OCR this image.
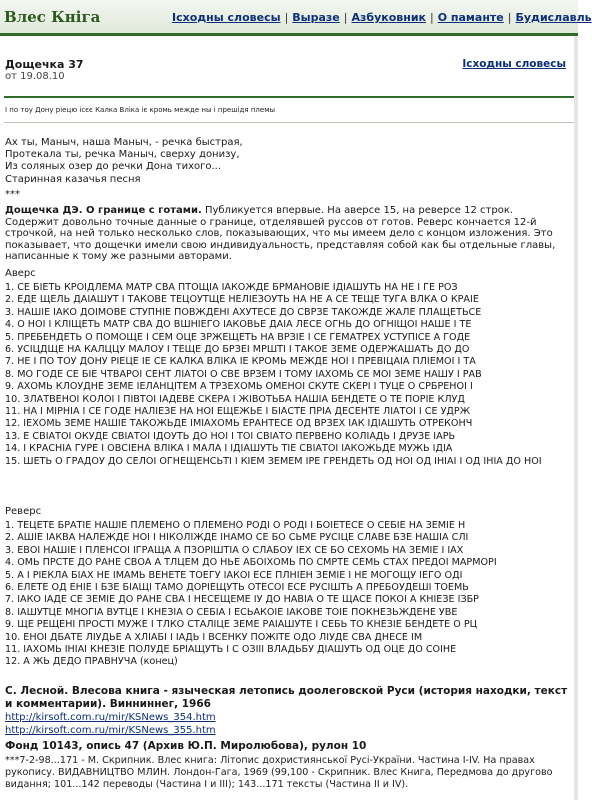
Влес Кніга	Ісходны словесы | Вырaзе | Азбуковник | О паманте | Будиславль
Дощечка 37
от 19.08.10
Ісходны словесы
І по тоу Дону ріецю ісєє Калка Вліка іє кромь межде ны і прешідя племы
Ах ты, Маныч, наша Маныч, - речка быстрая,
Протекала ты, речка Маныч, сверху донизу,
Из соляных озер до речки Дона тихого...
Старинная казачья песня
***
Дощечка ДЭ. О границе с готами. Публикуется впервые. На аверсе 15, на реверсе 12 строк. Содержит довольно точные данные о границе, отделявшей руссов от готов. Реверс кончается 12-й строчкой, на ней только несколько слов, показывающих, что мы имеем дело с концом изложения. Это показывает, что дощечки имели свою индивидуальность, представляя собой как бы отдельные главы, написанные к тому же разными авторами.
Аверс
1. СЕ БІЕТЬ КРОІДЛЕМА МАТР СВА ПТОЩІА ІАКОЖДЕ БРМАНОВІЕ ІДІАШУТЬ НА НЕ І ГЕ РОЗ
2. ЕДЕ ЩЕЛЬ ДАІАШУТ І ТАКОВЕ ТЕЦОУТЩЕ НЕЛІЕЗОУТЬ НА НЕ А СЕ ТЕЩЕ ТУГА ВЛКА О КРАІЕ
3. НАШІЕ ІАКО ДОІМОВЕ СТУПНІЕ ПОВЖДЕНІ АХУТЕСЕ ДО СВРЗЕ ТАКОЖДЕ ЖАЛЕ ПЛАЩЕТЬСЕ
4. О НОІ І КЛІЩЕТЬ МАТР СВА ДО ВШНІЕГО ІАКОВЬЕ ДАІА ЛЕСЕ ОГНЬ ДО ОГНІЩОІ НАШЕ І ТЕ
5. ПРЕБЕНДЕТЬ О ПОМОЩЕ І СЕМ ОЦЕ ЗРЖЕЩЕТЬ НА ВРЗІЕ І СЕ ГЕМАТРЕХ УСТУПІСЕ А ГОДЕ
6. УСІЦДЩЕ НА КАЛЦЦУ МАЛОУ І ТЕЩЕ ДО БРЗЕІ МРШТІ І ТАКОЕ ЗЕМЕ ОДЕРЖАШАТЬ ДО ДО
7. НЕ І ПО ТОУ ДОНУ РІЕЦЕ ІЕ СЕ КАЛКА ВЛІКА ІЕ КРОМЬ МЕЖДЕ НОІ І ПРЕВІЦАІА ПЛІЕМОІ І ТА
8. МО ГОДЕ СЕ БІЕ ЧТВАРОІ СЕНТ ЛІАТОІ О СВЕ ВРЗЕМ І ТОМУ ІАХОМЬ СЕ МОІ ЗЕМЕ НАШУ І РАВ
9. АХОМЬ КЛОУДНЕ ЗЕМЕ ІЕЛАНЦІТЕМ А ТРЗЕХОМЬ ОМЕНОІ СКУТЕ СКЕРІ І ТУЦЕ О СРБРЕНОІ І
10. ЗЛАТВЕНОІ КОЛОІ І ПІВТОІ ІАДЕВЕ СКЕРА І ЖІВОТЬБА НАШІА БЕНДЕТЕ О ТЕ ПОРІЕ КЛУД
11. НА І МІРНІА І СЕ ГОДЕ НАЛІЕЗЕ НА НОІ ЕЩЕЖЬЕ І БІАСТЕ ПРІА ДЕСЕНТЕ ЛІАТОІ І СЕ УДРЖ
12. ІЕХОМЬ ЗЕМЕ НАШІЕ ТАКОЖЬДЕ ІМІАХОМЬ ЕРАНТЕСЕ ОД ВРЗЕХ ІАК ІДІАШУТЬ ОТРЕКОНЧ
13. Е СВІАТОІ ОКУДЕ СВІАТОІ ІДОУТЬ ДО НОІ І ТОІ СВІАТО ПЕРВЕНО КОЛІАДЬ І ДРУЗЕ ІАРЬ
14. І КРАСНІА ГУРЕ І ОВСІЕНА ВЛІКА І МАЛА І ІДІАШУТЬ ТІЕ СВІАТОІ ІАКОЖЬДЕ МУЖЬ ІДІА
15. ШЕТЬ О ГРАДОУ ДО СЕЛОІ ОГНЕЩЕНСЬТІ І КІЕМ ЗЕМЕМ ІРЕ ГРЕНДЕТЬ ОД НОІ ОД ІНІАІ І ОД ІНІА ДО НОІ
Реверс
1. ТЕЦЕТЕ БРАТІЕ НАШІЕ ПЛЕМЕНО О ПЛЕМЕНО РОДІ О РОДІ І БОІЕТЕСЕ О СЕБІЕ НА ЗЕМІЕ Н
2. АШІЕ ІАКВА НАЛЕЖДЕ НОІ І НІКОЛІЖДЕ ІНАМО СЕ БО СЬМЕ РУСІЦЕ СЛАВЕ БЗЕ НАШІА СЛІ
3. ЕВОІ НАШІЕ І ПЛЕНСОІ ІГРАЩА А ПЗОРІШТІА О СЛАБОУ ІЕХ СЕ БО СЕХОМЬ НА ЗЕМІЕ І ІАХ
4. ОМЬ ПРСТЕ ДО РАНЕ СВОА А ТЛЦЕМ ДО НЬЕ АБОІХОМЬ ПО СМРТЕ СЕМЬ СТАХ ПРЕДОІ МАРМОРІ
5. А І РІЕКЛА БІАХ НЕ ІМАМЬ ВЕНЕТЕ ТОЕГУ ІАКОІ ЕСЕ ПЛНІЕН ЗЕМІЕ І НЕ МОГОЩУ ІЕГО ОДІ
6. ЕЛЕТЕ ОД ЕНІЕ І БЗЕ БІАЩІ ТАМО ДОРІЕЩУТЬ ОТЕСОІ ЕСЕ РУСІШТЬ А ПРЕБОУДЕШІ ТОЕМЬ
7. ІАКО ІАДЕ СЕ ЗЕМІЕ ДО РАНЕ СВА І НЕСЕЩЕМЕ ІУ ДО НАВІА О ТЕ ЩАСЕ ПОКОІ А КНІЕЗЕ ІЗБР
8. ІАШУТЦЕ МНОГІА ВУТЦЕ І КНЕЗІА О СЕБІА І ЕСЬАКОІЕ ІАКОВЕ ТОІЕ ПОКНЕЗЬЖДЕНЕ УВЕ
9. ЩЕ РЕЩЕНІ ПРОСТІ МУЖЕ І ТЛКО СТАЛІЦЕ ЗЕМЕ РАІАШУТЕ І СЕБЬ ТО КНЕЗІЕ БЕНДЕТЕ О РЦ
10. ЕНОІ ДБАТЕ ЛІУДЬЕ А ХЛІАБІ І ІАДЬ І ВСЕНКУ ПОЖІТЕ ОДО ЛІУДЕ СВА ДНЕСЕ ІМ
11. ІАХОМЬ ІНІАІ КНЕЗІЕ ПОЛУДЕ БРІАЩУТЬ І С ОЗІІІ ВЛАДЬБУ ДІАШУТЬ ОД ОЦЕ ДО СОІНЕ
12. А ЖЬ ДЕДО ПРАВНУЧА (конец)
С. Лесной. Влесова книга - языческая летопись доолеговской Руси (история находки, текст и комментарии). Винниннег, 1966
http://kirsoft.com.ru/mir/KSNews_354.htm
http://kirsoft.com.ru/mir/KSNews_355.htm
Фонд 10143, опись 47 (Архив Ю.П. Миролюбова), рулон 10
***7-2-98...171 - М. Скрипник. Влес книга: Літопис дохристиянської Русі-України. Частина І-ІV. На правах рукопису. ВИДАВНИЦТВО МЛИН. Лондон-Гага, 1969 (99,100 - Скрипник. Влес Книга, Передмова до другово видання; 101...142 переводы (Частина І и ІІІ); 143...171 тексты (Частина ІІ и ІV).
